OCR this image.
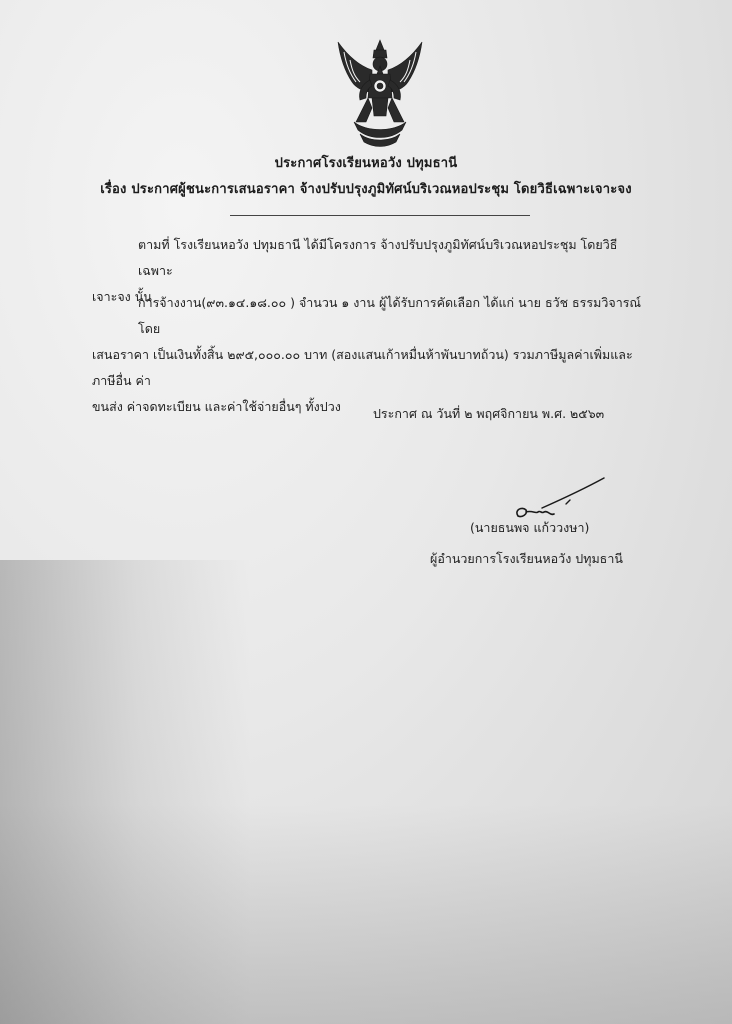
ประกาศโรงเรียนหอวัง ปทุมธานี
เรื่อง ประกาศผู้ชนะการเสนอราคา จ้างปรับปรุงภูมิทัศน์บริเวณหอประชุม โดยวิธีเฉพาะเจาะจง
ตามที่ โรงเรียนหอวัง ปทุมธานี ได้มีโครงการ จ้างปรับปรุงภูมิทัศน์บริเวณหอประชุม โดยวิธีเฉพาะ
เจาะจง นั้น
การจ้างงาน(๙๓.๑๔.๑๘.๐๐ ) จำนวน ๑ งาน ผู้ได้รับการคัดเลือก ได้แก่ นาย ธวัช ธรรมวิจารณ์ โดย
เสนอราคา เป็นเงินทั้งสิ้น ๒๙๕,๐๐๐.๐๐ บาท (สองแสนเก้าหมื่นห้าพันบาทถ้วน) รวมภาษีมูลค่าเพิ่มและภาษีอื่น ค่า
ขนส่ง ค่าจดทะเบียน และค่าใช้จ่ายอื่นๆ ทั้งปวง	ประกาศ ณ วันที่ ๒ พฤศจิกายน พ.ศ. ๒๕๖๓
(นายธนพจ แก้ววงษา)
ผู้อำนวยการโรงเรียนหอวัง ปทุมธานี
